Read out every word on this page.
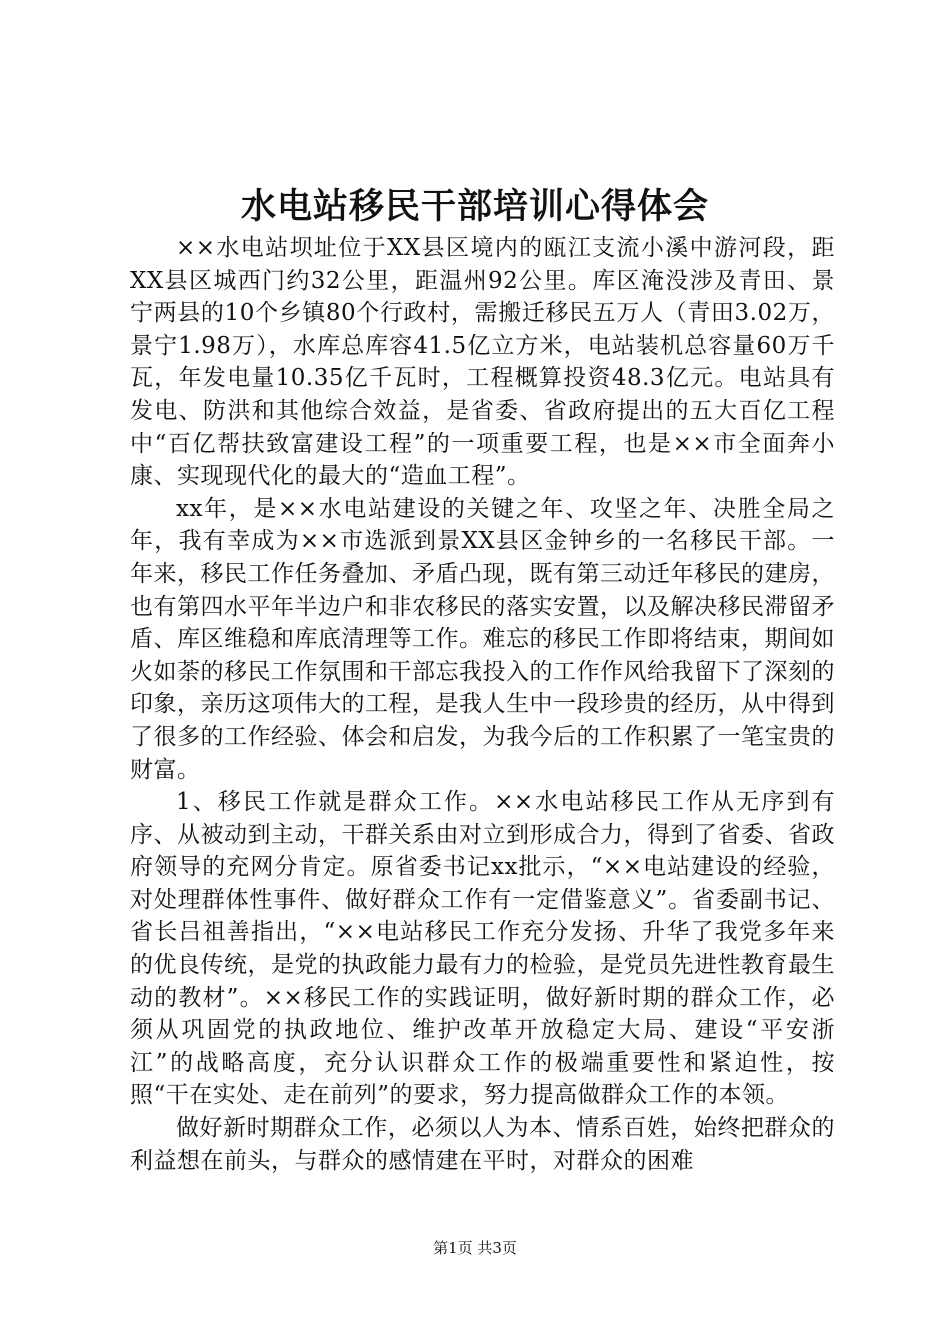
水电站移民干部培训心得体会

××水电站坝址位于XX县区境内的瓯江支流小溪中游河段，距XX县区城西门约32公里，距温州92公里。库区淹没涉及青田、景宁两县的10个乡镇80个行政村，需搬迁移民五万人（青田3.02万，景宁1.98万），水库总库容41.5亿立方米，电站装机总容量60万千瓦，年发电量10.35亿千瓦时，工程概算投资48.3亿元。电站具有发电、防洪和其他综合效益，是省委、省政府提出的五大百亿工程中“百亿帮扶致富建设工程”的一项重要工程，也是××市全面奔小康、实现现代化的最大的“造血工程”。

xx年，是××水电站建设的关键之年、攻坚之年、决胜全局之年，我有幸成为××市选派到景XX县区金钟乡的一名移民干部。一年来，移民工作任务叠加、矛盾凸现，既有第三动迁年移民的建房，也有第四水平年半边户和非农移民的落实安置，以及解决移民滞留矛盾、库区维稳和库底清理等工作。难忘的移民工作即将结束，期间如火如荼的移民工作氛围和干部忘我投入的工作作风给我留下了深刻的印象，亲历这项伟大的工程，是我人生中一段珍贵的经历，从中得到了很多的工作经验、体会和启发，为我今后的工作积累了一笔宝贵的财富。

1、移民工作就是群众工作。××水电站移民工作从无序到有序、从被动到主动，干群关系由对立到形成合力，得到了省委、省政府领导的充网分肯定。原省委书记xx批示，“××电站建设的经验，对处理群体性事件、做好群众工作有一定借鉴意义”。省委副书记、省长吕祖善指出，“××电站移民工作充分发扬、升华了我党多年来的优良传统，是党的执政能力最有力的检验，是党员先进性教育最生动的教材”。××移民工作的实践证明，做好新时期的群众工作，必须从巩固党的执政地位、维护改革开放稳定大局、建设“平安浙江”的战略高度，充分认识群众工作的极端重要性和紧迫性，按照“干在实处、走在前列”的要求，努力提高做群众工作的本领。

做好新时期群众工作，必须以人为本、情系百姓，始终把群众的利益想在前头，与群众的感情建在平时，对群众的困难

第1页 共3页
